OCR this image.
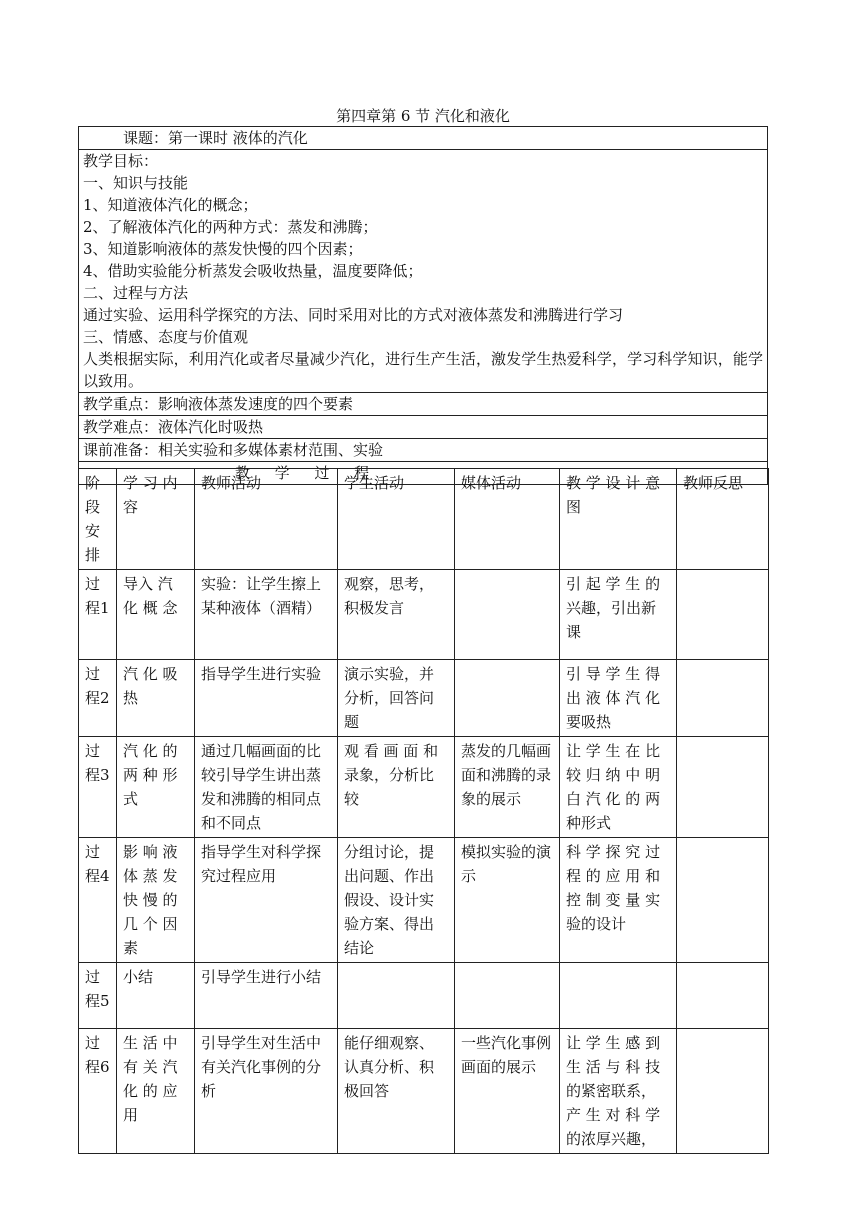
第四章第 6 节 汽化和液化
课题：第一课时 液体的汽化

教学目标：
一、知识与技能
1、知道液体汽化的概念；
2、了解液体汽化的两种方式：蒸发和沸腾；
3、知道影响液体的蒸发快慢的四个因素；
4、借助实验能分析蒸发会吸收热量，温度要降低；
二、过程与方法
通过实验、运用科学探究的方法、同时采用对比的方式对液体蒸发和沸腾进行学习
三、情感、态度与价值观
人类根据实际，利用汽化或者尽量减少汽化，进行生产生活，激发学生热爱科学，学习科学知识，能学以致用。

教学重点：影响液体蒸发速度的四个要素
教学难点：液体汽化时吸热
课前准备：相关实验和多媒体素材范围、实验
教 学 过 程
阶段安排	学 习 内 容	教师活动	学生活动	媒体活动	教 学 设 计 意 图	教师反思
过程1	导入 汽 化 概 念	实验：让学生擦上某种液体（酒精）	观察，思考，积极发言		引 起 学 生 的 兴趣，引出新课	
过程2	汽 化 吸 热	指导学生进行实验	演示实验，并分析，回答问题		引 导 学 生 得 出 液 体 汽 化 要吸热	
过程3	汽 化 的 两 种 形 式	通过几幅画面的比较引导学生讲出蒸发和沸腾的相同点和不同点	观 看 画 面 和 录象，分析比较	蒸发的几幅画面和沸腾的录象的展示	让 学 生 在 比 较 归 纳 中 明 白 汽 化 的 两 种形式	
过程4	影 响 液 体 蒸 发 快 慢 的 几 个 因 素	指导学生对科学探究过程应用	分组讨论，提出问题、作出假设、设计实验方案、得出结论	模拟实验的演示	科 学 探 究 过 程 的 应 用 和 控 制 变 量 实 验的设计	
过程5	小结	引导学生进行小结				
过程6	生 活 中 有 关 汽 化 的 应 用	引导学生对生活中有关汽化事例的分析	能仔细观察、认真分析、积极回答	一些汽化事例画面的展示	让 学 生 感 到 生 活 与 科 技 的紧密联系，产 生 对 科 学 的浓厚兴趣，	
